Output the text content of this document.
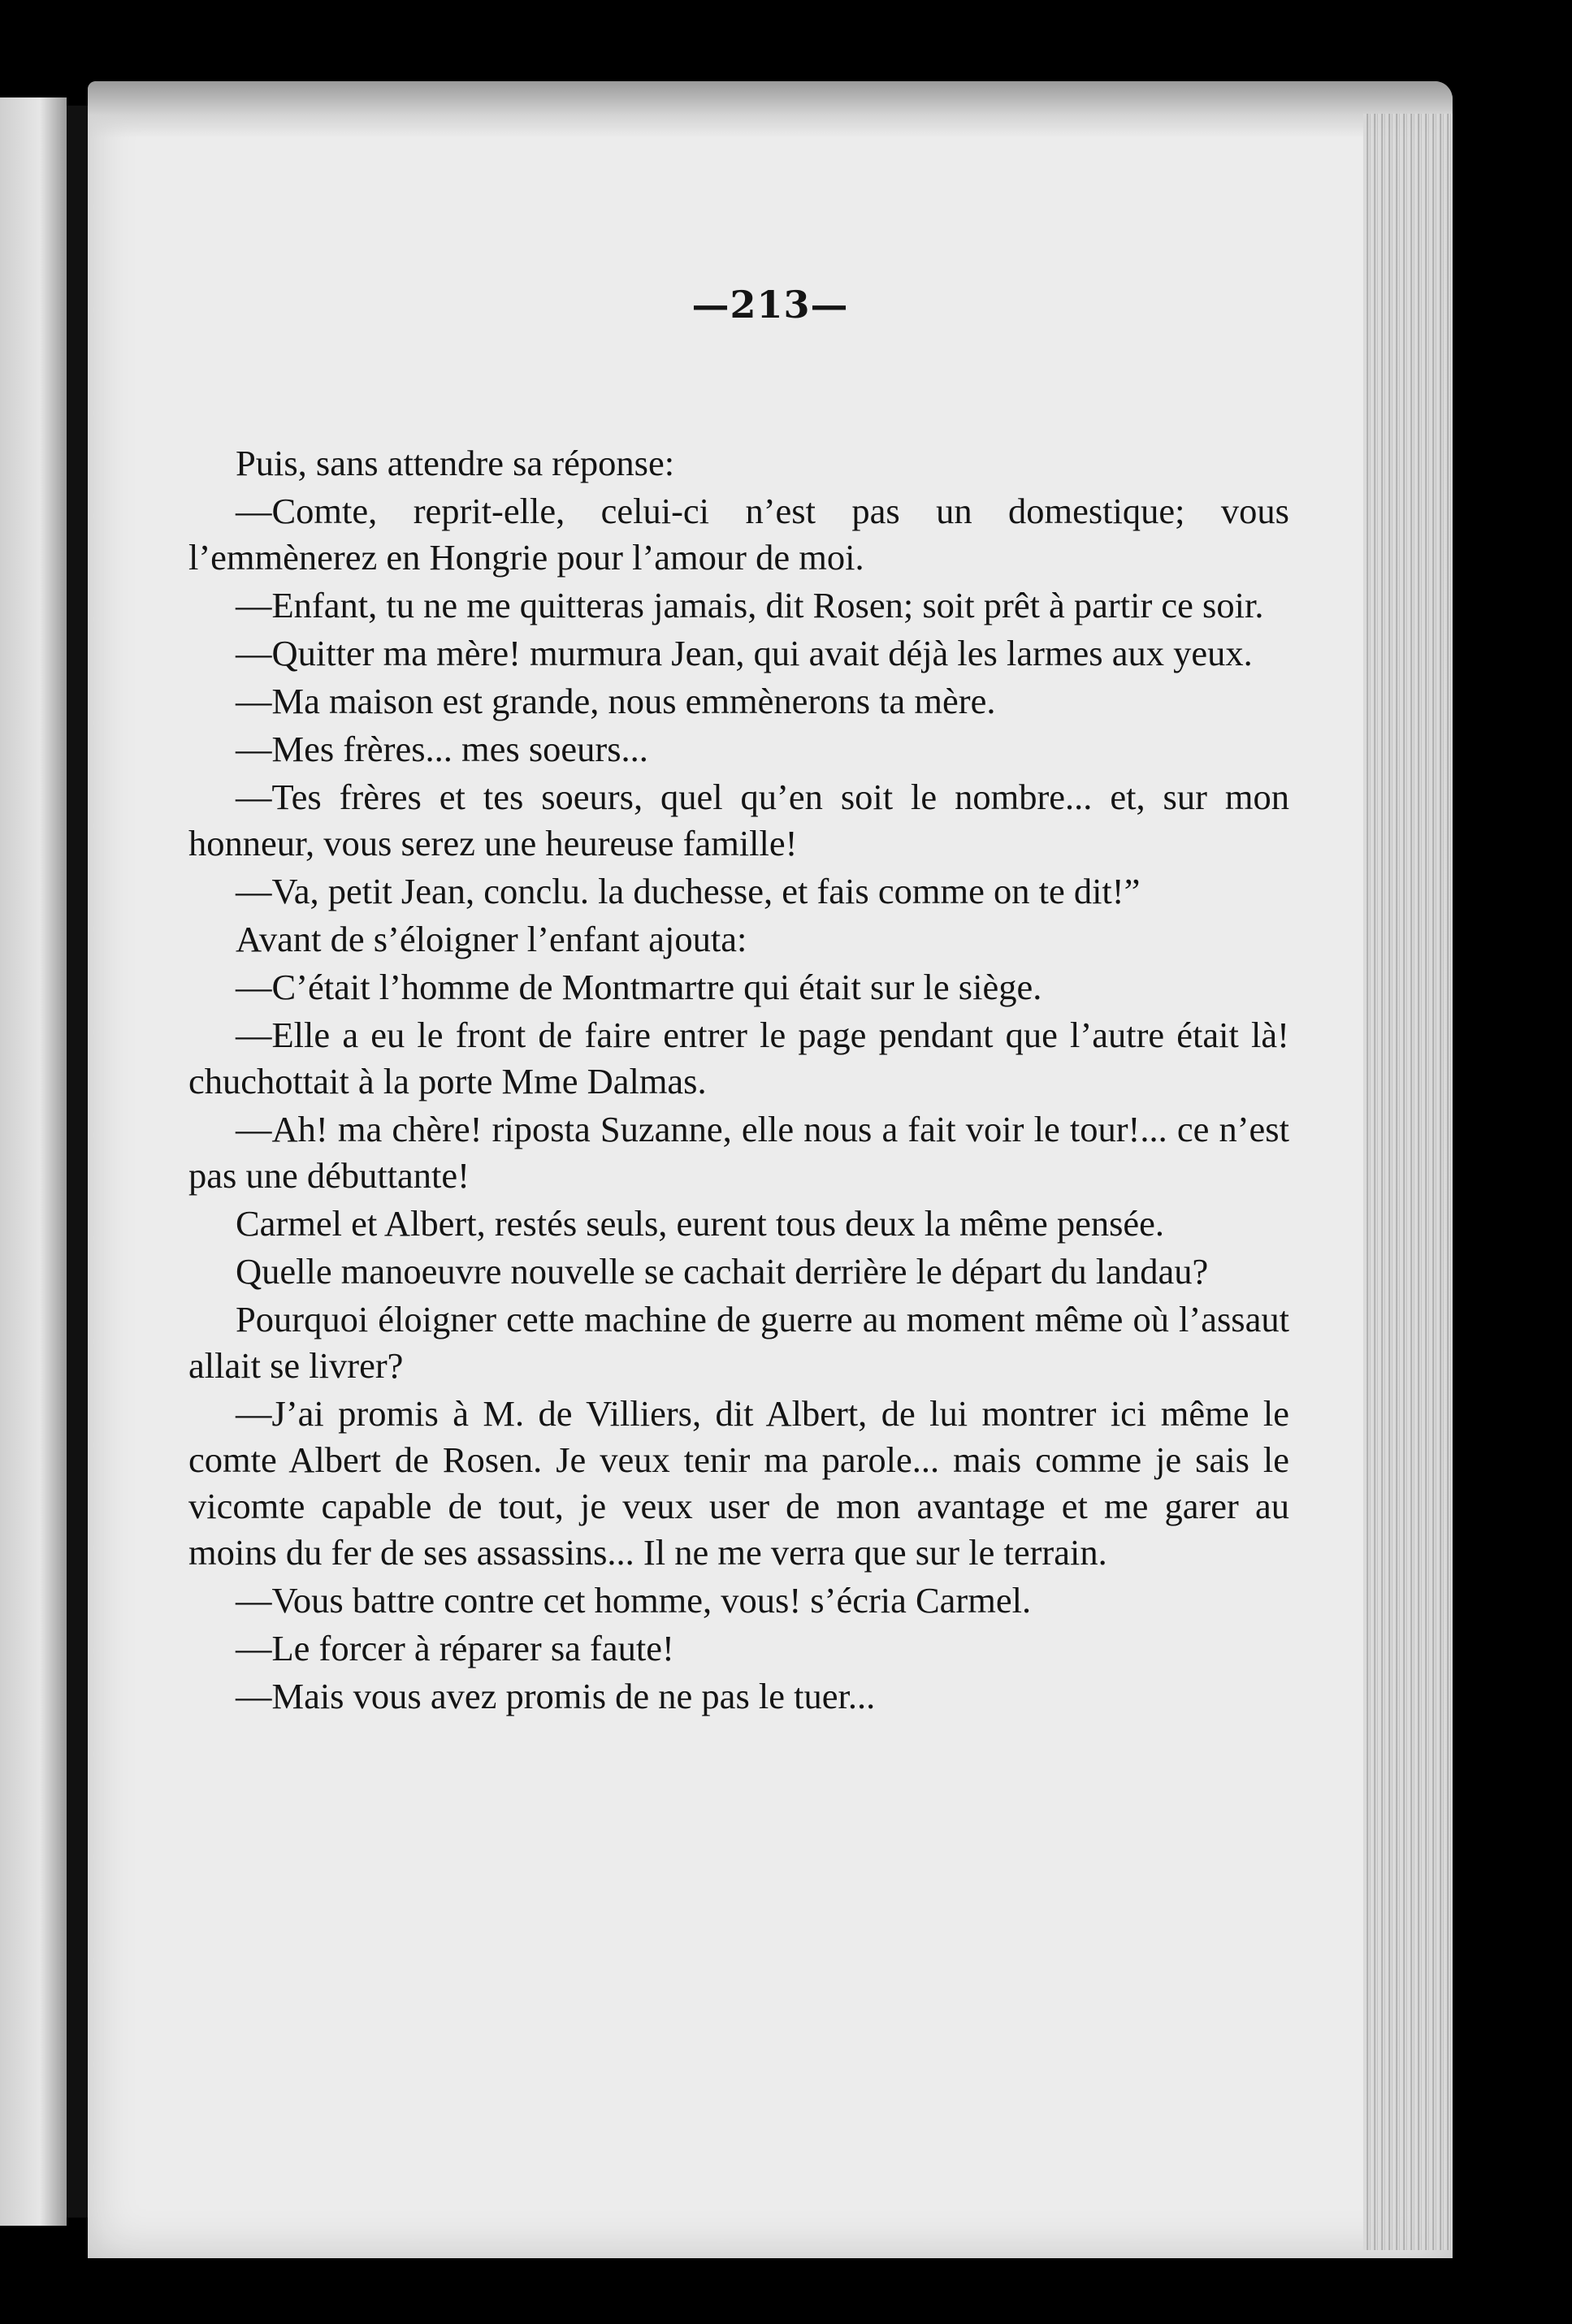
—213—

Puis, sans attendre sa réponse:

—Comte, reprit-elle, celui-ci n’est pas un domestique; vous l’emmènerez en Hongrie pour l’amour de moi.

—Enfant, tu ne me quitteras jamais, dit Rosen; soit prêt à partir ce soir.

—Quitter ma mère! murmura Jean, qui avait déjà les larmes aux yeux.

—Ma maison est grande, nous emmènerons ta mère.

—Mes frères... mes soeurs...

—Tes frères et tes soeurs, quel qu’en soit le nombre... et, sur mon honneur, vous serez une heureuse famille!

—Va, petit Jean, conclu. la duchesse, et fais comme on te dit!”

Avant de s’éloigner l’enfant ajouta:

—C’était l’homme de Montmartre qui était sur le siège.

—Elle a eu le front de faire entrer le page pendant que l’autre était là! chuchottait à la porte Mme Dalmas.

—Ah! ma chère! riposta Suzanne, elle nous a fait voir le tour!... ce n’est pas une débuttante!

Carmel et Albert, restés seuls, eurent tous deux la même pensée.

Quelle manoeuvre nouvelle se cachait derrière le départ du landau?

Pourquoi éloigner cette machine de guerre au moment même où l’assaut allait se livrer?

—J’ai promis à M. de Villiers, dit Albert, de lui montrer ici même le comte Albert de Rosen. Je veux tenir ma parole... mais comme je sais le vicomte capable de tout, je veux user de mon avantage et me garer au moins du fer de ses assassins... Il ne me verra que sur le terrain.

—Vous battre contre cet homme, vous! s’écria Carmel.

—Le forcer à réparer sa faute!

—Mais vous avez promis de ne pas le tuer...
